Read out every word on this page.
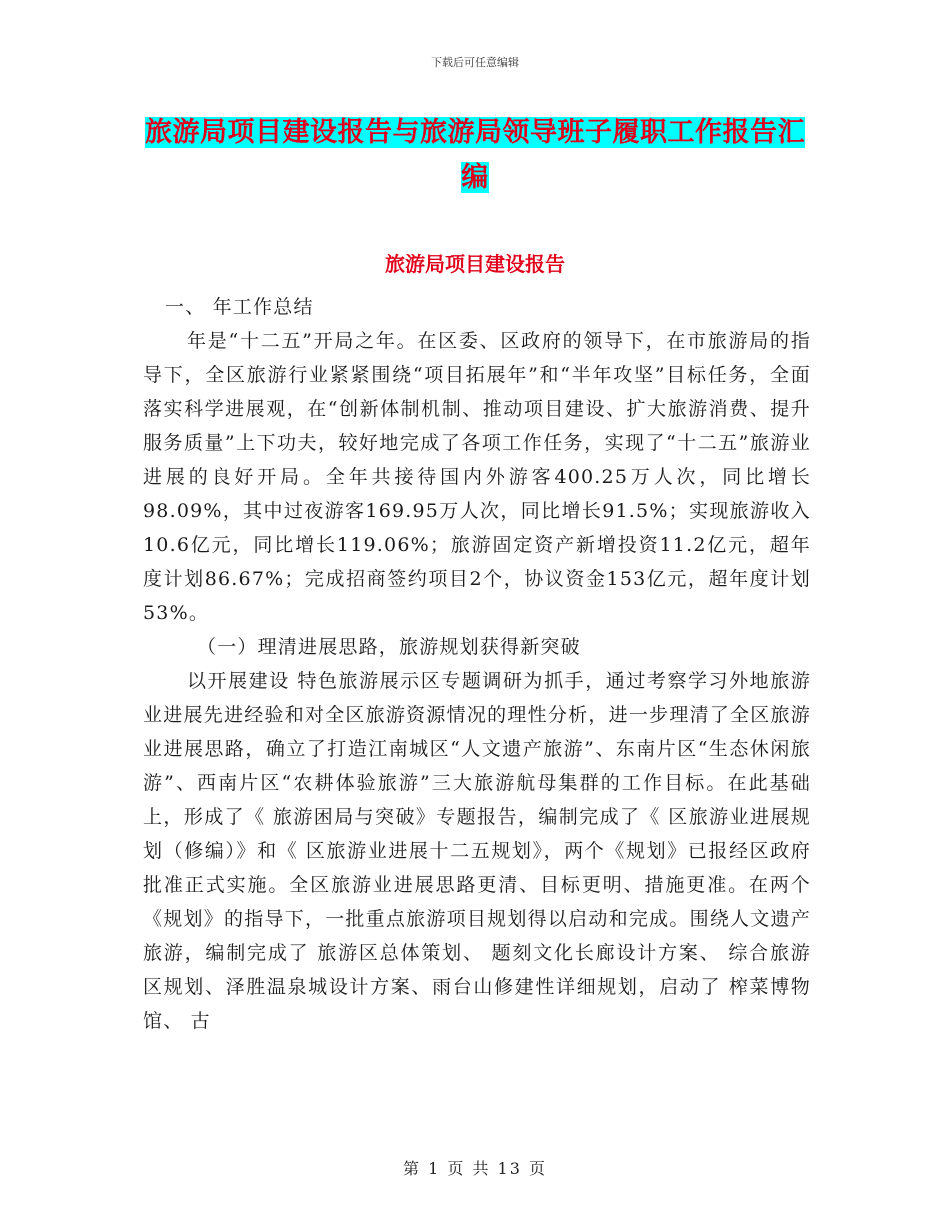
下载后可任意编辑
旅游局项目建设报告与旅游局领导班子履职工作报告汇编
旅游局项目建设报告

一、 年工作总结

年是“十二五”开局之年。在区委、区政府的领导下，在市旅游局的指导下，全区旅游行业紧紧围绕“项目拓展年”和“半年攻坚”目标任务，全面落实科学进展观，在“创新体制机制、推动项目建设、扩大旅游消费、提升服务质量”上下功夫，较好地完成了各项工作任务，实现了“十二五”旅游业进展的良好开局。全年共接待国内外游客400.25万人次，同比增长98.09%，其中过夜游客169.95万人次，同比增长91.5%；实现旅游收入10.6亿元，同比增长119.06%；旅游固定资产新增投资11.2亿元，超年度计划86.67%；完成招商签约项目2个，协议资金153亿元，超年度计划53%。

（一）理清进展思路，旅游规划获得新突破

以开展建设 特色旅游展示区专题调研为抓手，通过考察学习外地旅游业进展先进经验和对全区旅游资源情况的理性分析，进一步理清了全区旅游业进展思路，确立了打造江南城区“人文遗产旅游”、东南片区“生态休闲旅游”、西南片区“农耕体验旅游”三大旅游航母集群的工作目标。在此基础上，形成了《 旅游困局与突破》专题报告，编制完成了《 区旅游业进展规划（修编）》和《 区旅游业进展十二五规划》，两个《规划》已报经区政府批准正式实施。全区旅游业进展思路更清、目标更明、措施更准。在两个《规划》的指导下，一批重点旅游项目规划得以启动和完成。围绕人文遗产旅游，编制完成了 旅游区总体策划、 题刻文化长廊设计方案、 综合旅游区规划、泽胜温泉城设计方案、雨台山修建性详细规划，启动了 榨菜博物馆、 古

第 1 页 共 13 页
